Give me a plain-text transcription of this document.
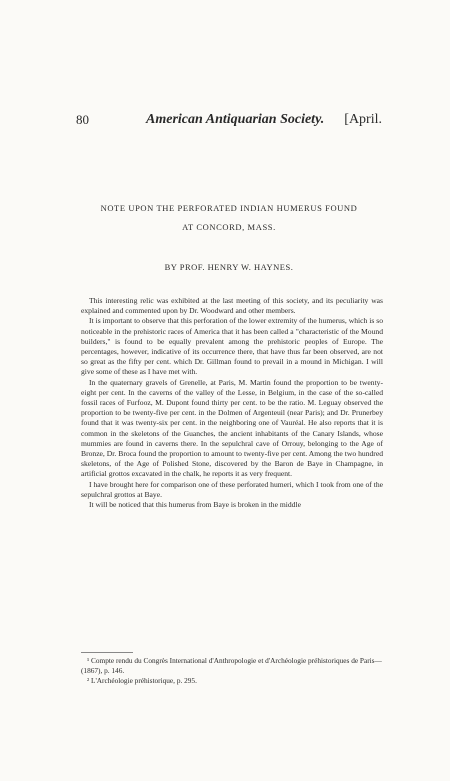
80	American Antiquarian Society. [April.
NOTE UPON THE PERFORATED INDIAN HUMERUS FOUND
AT CONCORD, MASS.
BY PROF. HENRY W. HAYNES.

This interesting relic was exhibited at the last meeting of this society, and its peculiarity was explained and commented upon by Dr. Woodward and other members.

It is important to observe that this perforation of the lower extremity of the humerus, which is so noticeable in the prehistoric races of America that it has been called a "characteristic of the Mound builders," is found to be equally prevalent among the prehistoric peoples of Europe. The percentages, however, indicative of its occurrence there, that have thus far been observed, are not so great as the fifty per cent. which Dr. Gillman found to prevail in a mound in Michigan. I will give some of these as I have met with.

In the quaternary gravels of Grenelle, at Paris, M. Martin found the proportion to be twenty-eight per cent. In the caverns of the valley of the Lesse, in Belgium, in the case of the so-called fossil races of Furfooz, M. Dupont found thirty per cent. to be the ratio. M. Leguay observed the proportion to be twenty-five per cent. in the Dolmen of Argenteuil (near Paris); and Dr. Prunerbey found that it was twenty-six per cent. in the neighboring one of Vauréal. He also reports that it is common in the skeletons of the Guanches, the ancient inhabitants of the Canary Islands, whose mummies are found in caverns there. In the sepulchral cave of Orrouy, belonging to the Age of Bronze, Dr. Broca found the proportion to amount to twenty-five per cent. Among the two hundred skeletons, of the Age of Polished Stone, discovered by the Baron de Baye in Champagne, in artificial grottos excavated in the chalk, he reports it as very frequent.

I have brought here for comparison one of these perforated humeri, which I took from one of the sepulchral grottos at Baye.

It will be noticed that this humerus from Baye is broken in the middle

¹ Compte rendu du Congrès International d'Anthropologie et d'Archéologie préhistoriques de Paris—(1867), p. 146.

² L'Archéologie préhistorique, p. 295.
